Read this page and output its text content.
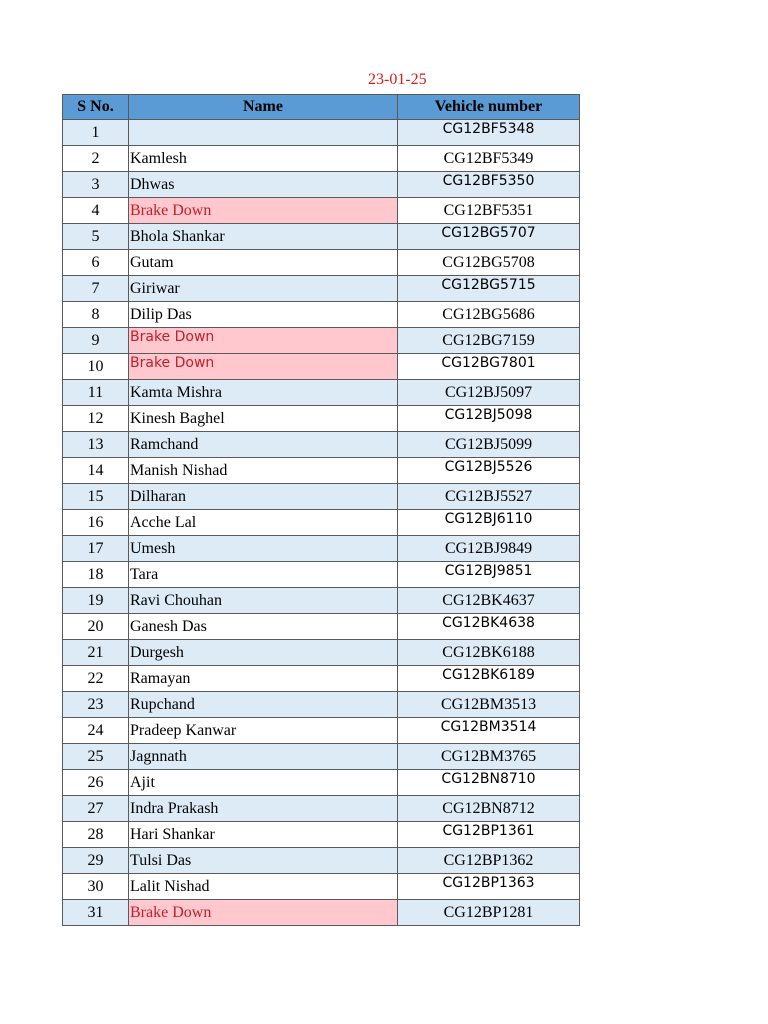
23-01-25
S No.	Name	Vehicle number
1		CG12BF5348
2	Kamlesh	CG12BF5349
3	Dhwas	CG12BF5350
4	Brake Down	CG12BF5351
5	Bhola Shankar	CG12BG5707
6	Gutam	CG12BG5708
7	Giriwar	CG12BG5715
8	Dilip Das	CG12BG5686
9	Brake Down	CG12BG7159
10	Brake Down	CG12BG7801
11	Kamta Mishra	CG12BJ5097
12	Kinesh Baghel	CG12BJ5098
13	Ramchand	CG12BJ5099
14	Manish Nishad	CG12BJ5526
15	Dilharan	CG12BJ5527
16	Acche Lal	CG12BJ6110
17	Umesh	CG12BJ9849
18	Tara	CG12BJ9851
19	Ravi Chouhan	CG12BK4637
20	Ganesh Das	CG12BK4638
21	Durgesh	CG12BK6188
22	Ramayan	CG12BK6189
23	Rupchand	CG12BM3513
24	Pradeep Kanwar	CG12BM3514
25	Jagnnath	CG12BM3765
26	Ajit	CG12BN8710
27	Indra Prakash	CG12BN8712
28	Hari Shankar	CG12BP1361
29	Tulsi Das	CG12BP1362
30	Lalit Nishad	CG12BP1363
31	Brake Down	CG12BP1281
